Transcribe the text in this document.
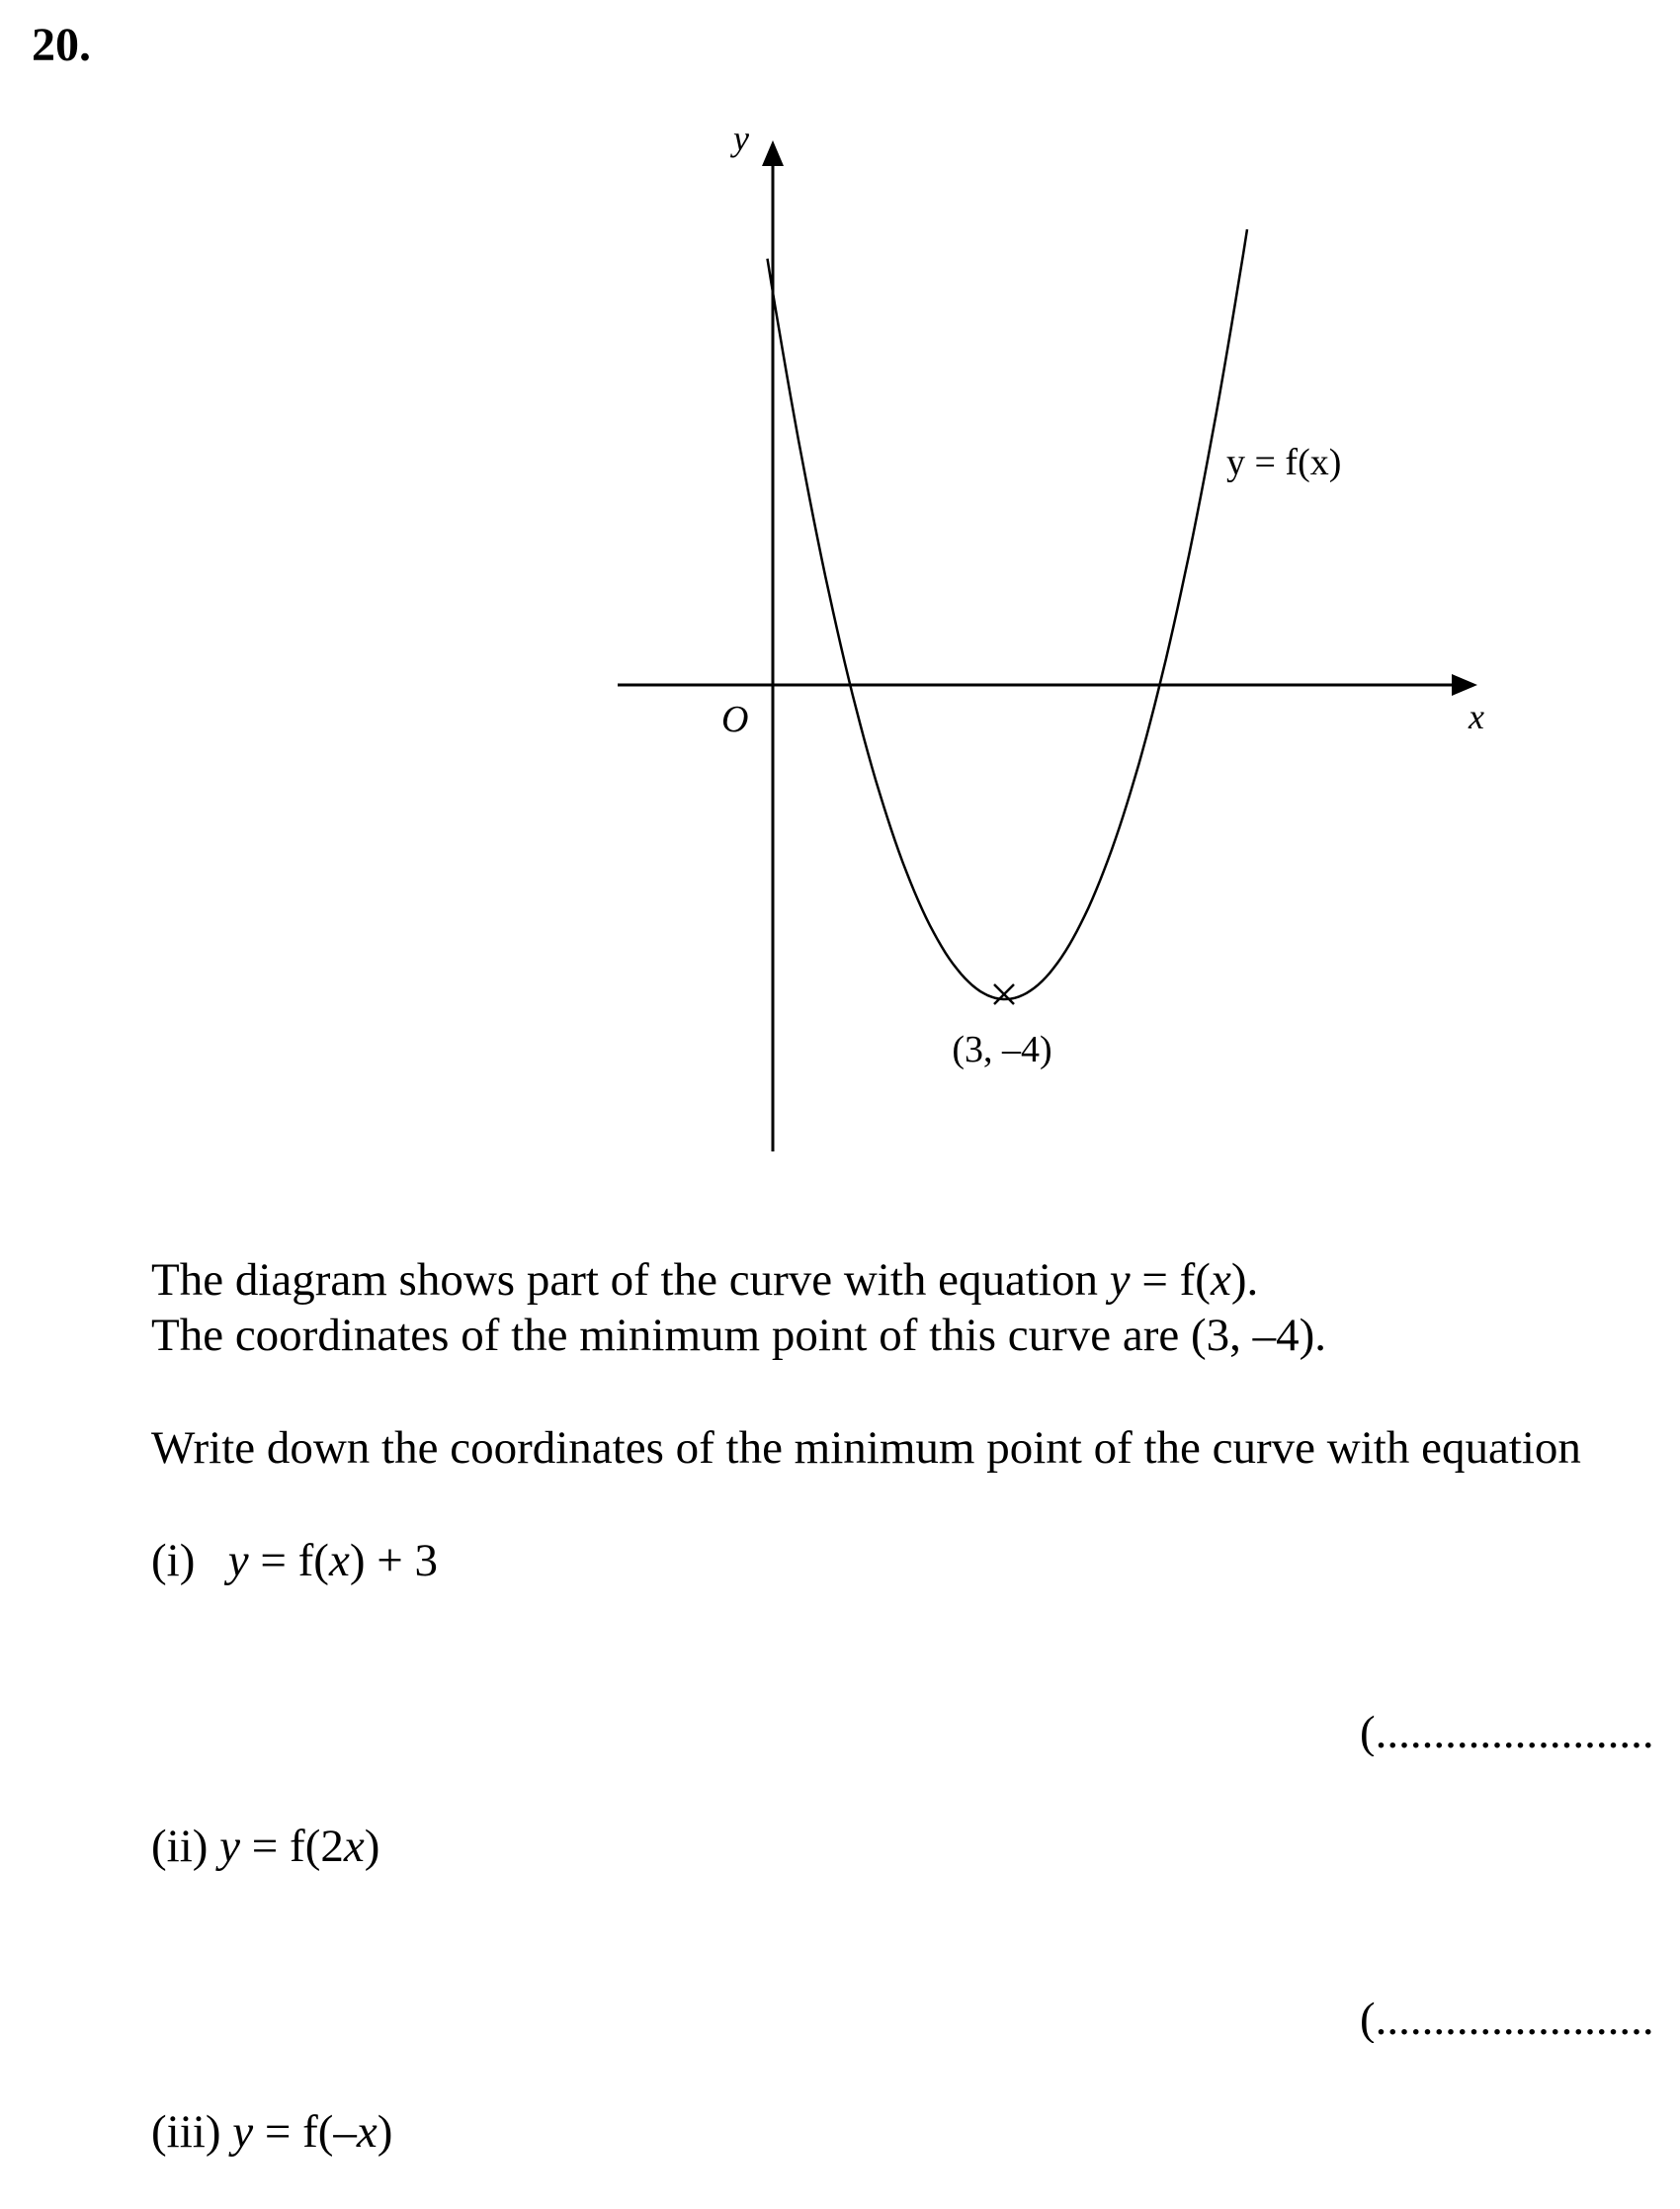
20.
y
x
O
y = f(x)
(3, –4)
The diagram shows part of the curve with equation y = f(x).
The coordinates of the minimum point of this curve are (3, –4).
Write down the coordinates of the minimum point of the curve with equation
(i) y = f(x) + 3
(........................
(ii) y = f(2x)
(........................
(iii) y = f(–x)
